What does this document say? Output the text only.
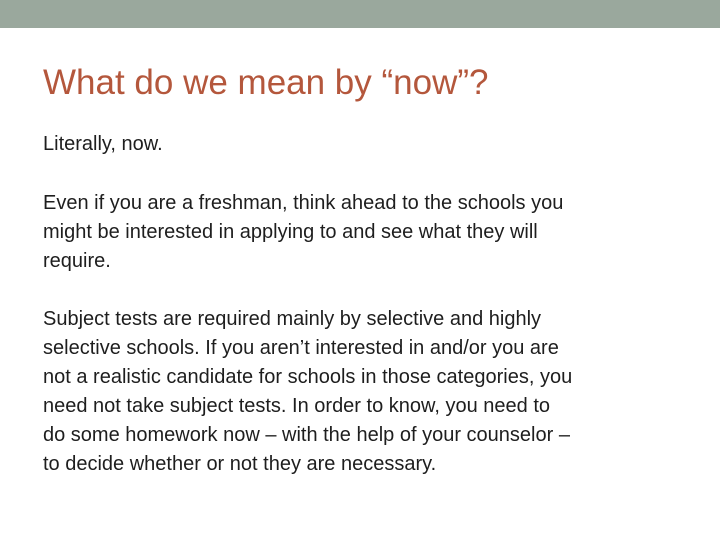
What do we mean by “now”?

Literally, now.

Even if you are a freshman, think ahead to the schools you
might be interested in applying to and see what they will
require.

Subject tests are required mainly by selective and highly
selective schools. If you aren’t interested in and/or you are
not a realistic candidate for schools in those categories, you
need not take subject tests. In order to know, you need to
do some homework now – with the help of your counselor –
to decide whether or not they are necessary.
